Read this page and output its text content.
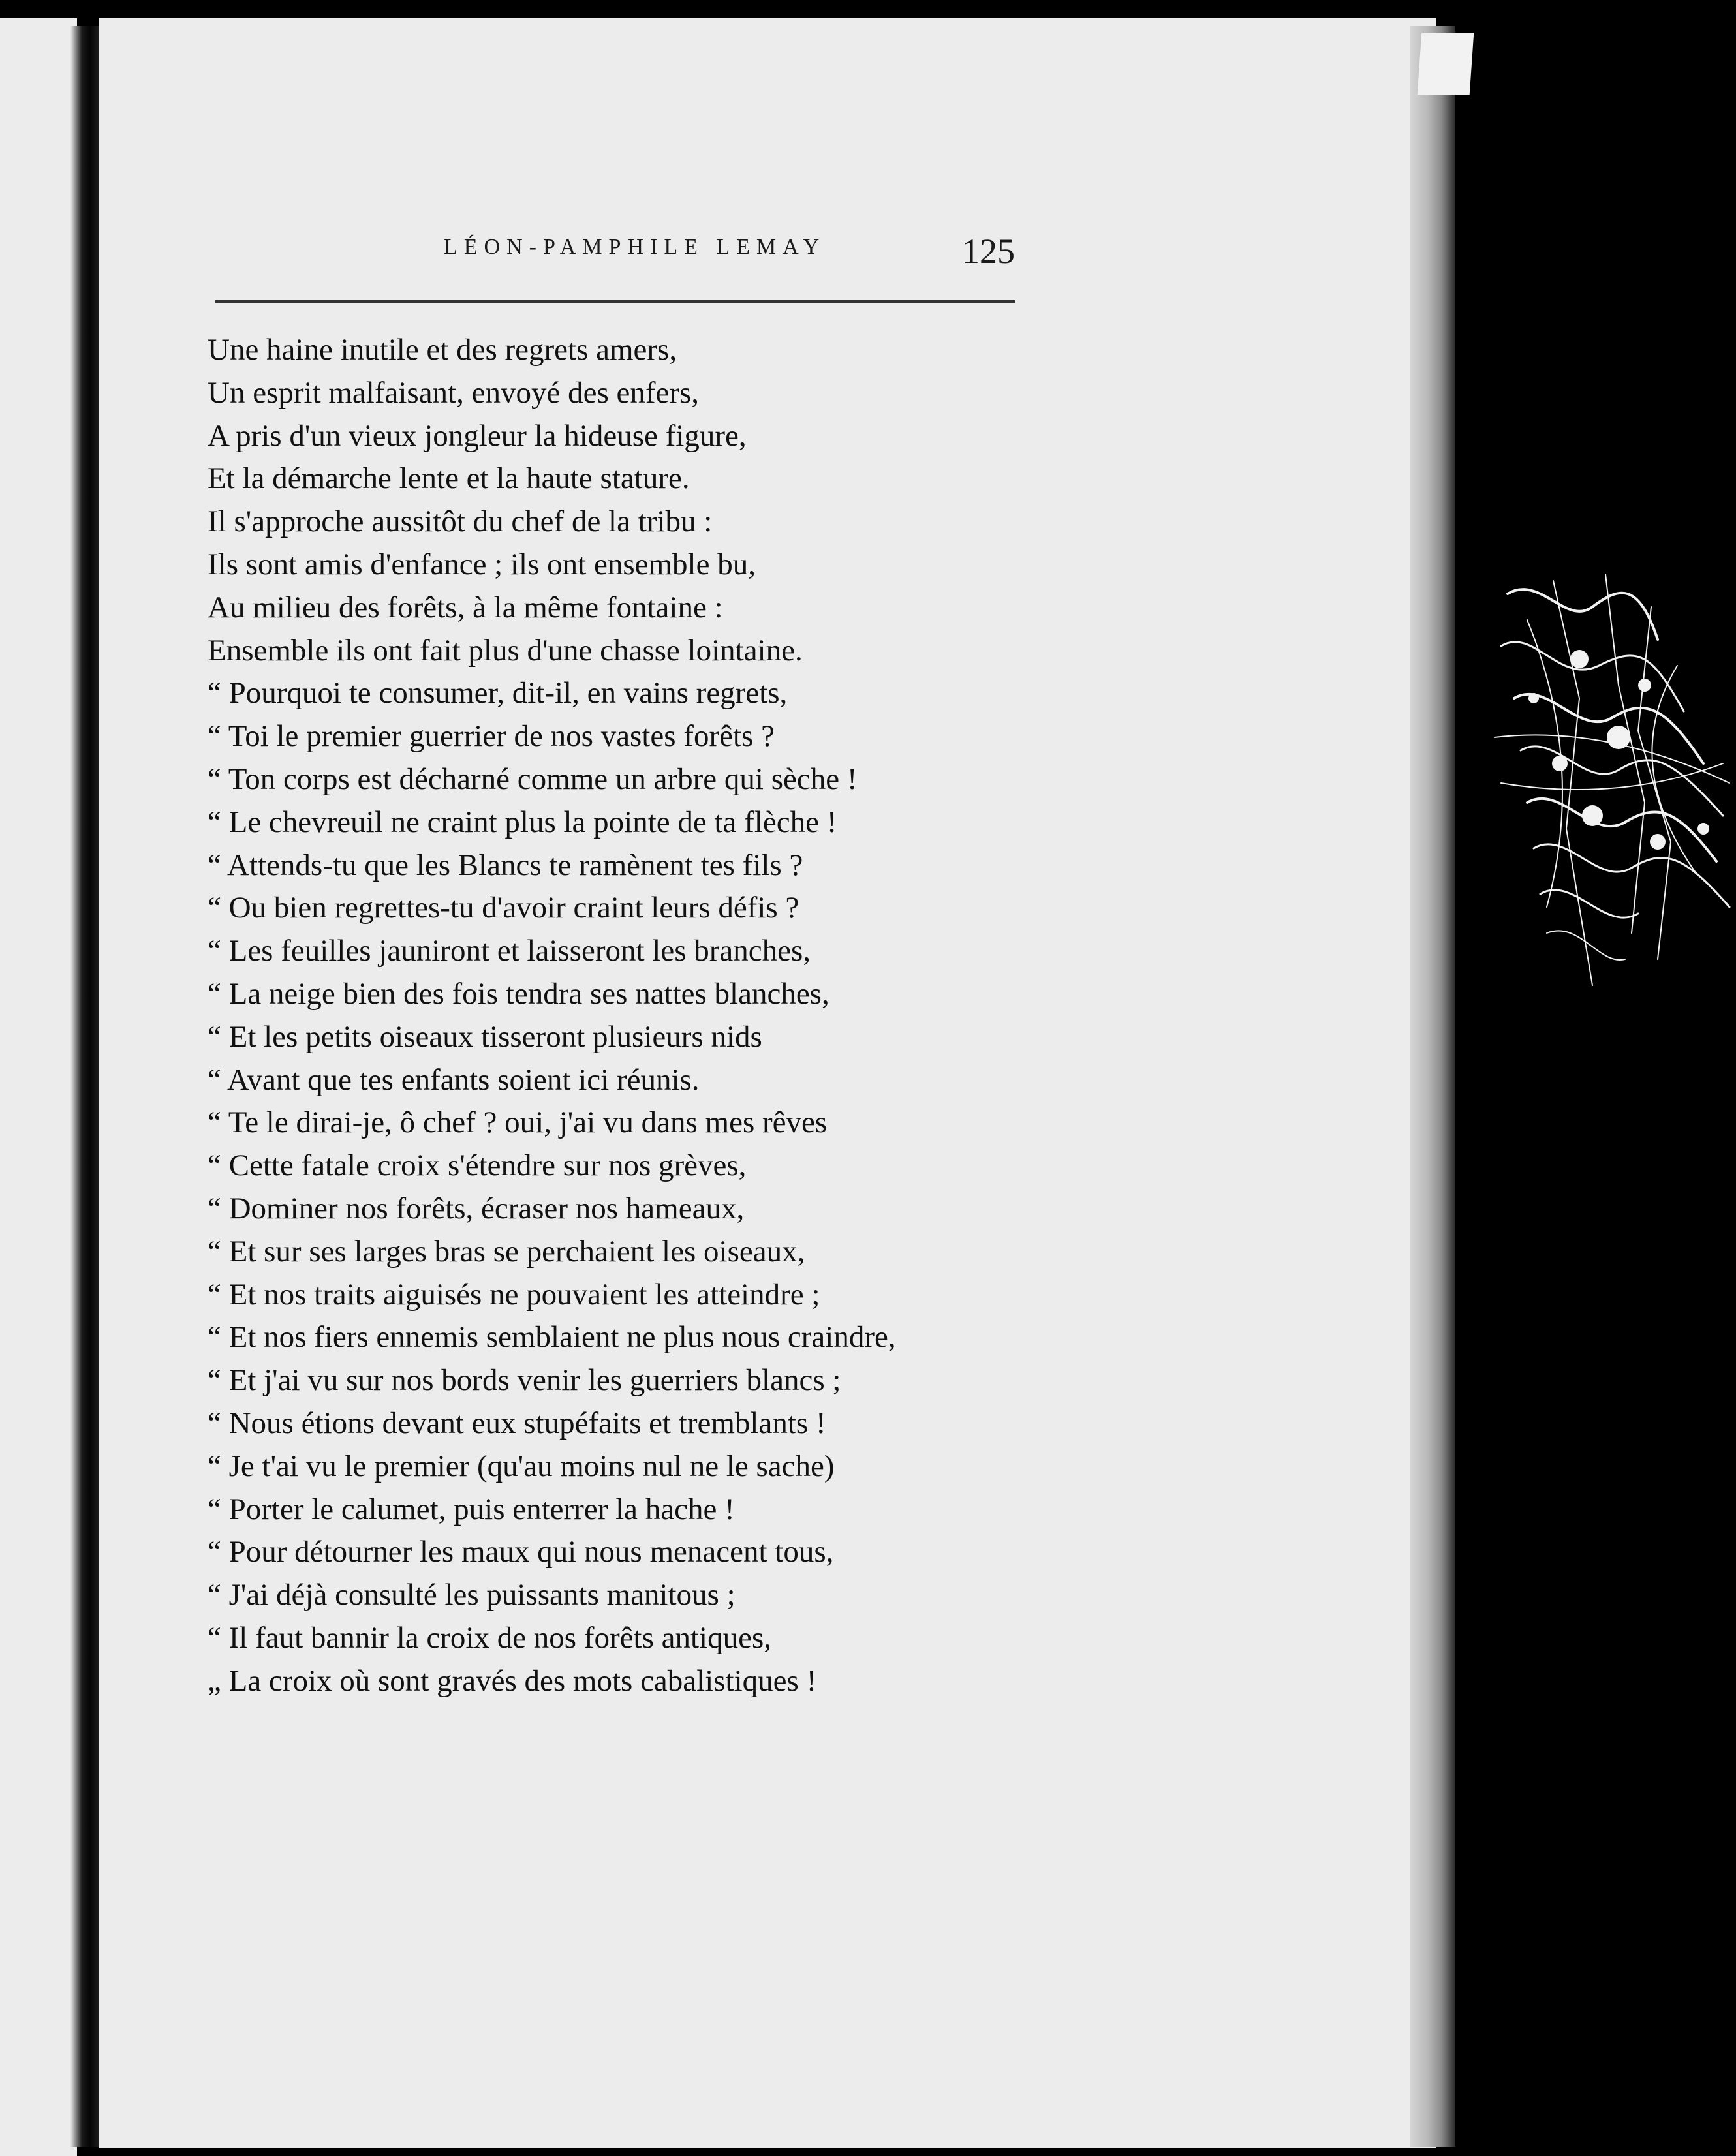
LÉON-PAMPHILE LEMAY	125
Une haine inutile et des regrets amers,
Un esprit malfaisant, envoyé des enfers,
A pris d'un vieux jongleur la hideuse figure,
Et la démarche lente et la haute stature.
Il s'approche aussitôt du chef de la tribu :
Ils sont amis d'enfance ; ils ont ensemble bu,
Au milieu des forêts, à la même fontaine :
Ensemble ils ont fait plus d'une chasse lointaine.
“ Pourquoi te consumer, dit-il, en vains regrets,
“ Toi le premier guerrier de nos vastes forêts ?
“ Ton corps est décharné comme un arbre qui sèche !
“ Le chevreuil ne craint plus la pointe de ta flèche !
“ Attends-tu que les Blancs te ramènent tes fils ?
“ Ou bien regrettes-tu d'avoir craint leurs défis ?
“ Les feuilles jauniront et laisseront les branches,
“ La neige bien des fois tendra ses nattes blanches,
“ Et les petits oiseaux tisseront plusieurs nids
“ Avant que tes enfants soient ici réunis.
“ Te le dirai-je, ô chef ? oui, j'ai vu dans mes rêves
“ Cette fatale croix s'étendre sur nos grèves,
“ Dominer nos forêts, écraser nos hameaux,
“ Et sur ses larges bras se perchaient les oiseaux,
“ Et nos traits aiguisés ne pouvaient les atteindre ;
“ Et nos fiers ennemis semblaient ne plus nous craindre,
“ Et j'ai vu sur nos bords venir les guerriers blancs ;
“ Nous étions devant eux stupéfaits et tremblants !
“ Je t'ai vu le premier (qu'au moins nul ne le sache)
“ Porter le calumet, puis enterrer la hache !
“ Pour détourner les maux qui nous menacent tous,
“ J'ai déjà consulté les puissants manitous ;
“ Il faut bannir la croix de nos forêts antiques,
„ La croix où sont gravés des mots cabalistiques !
